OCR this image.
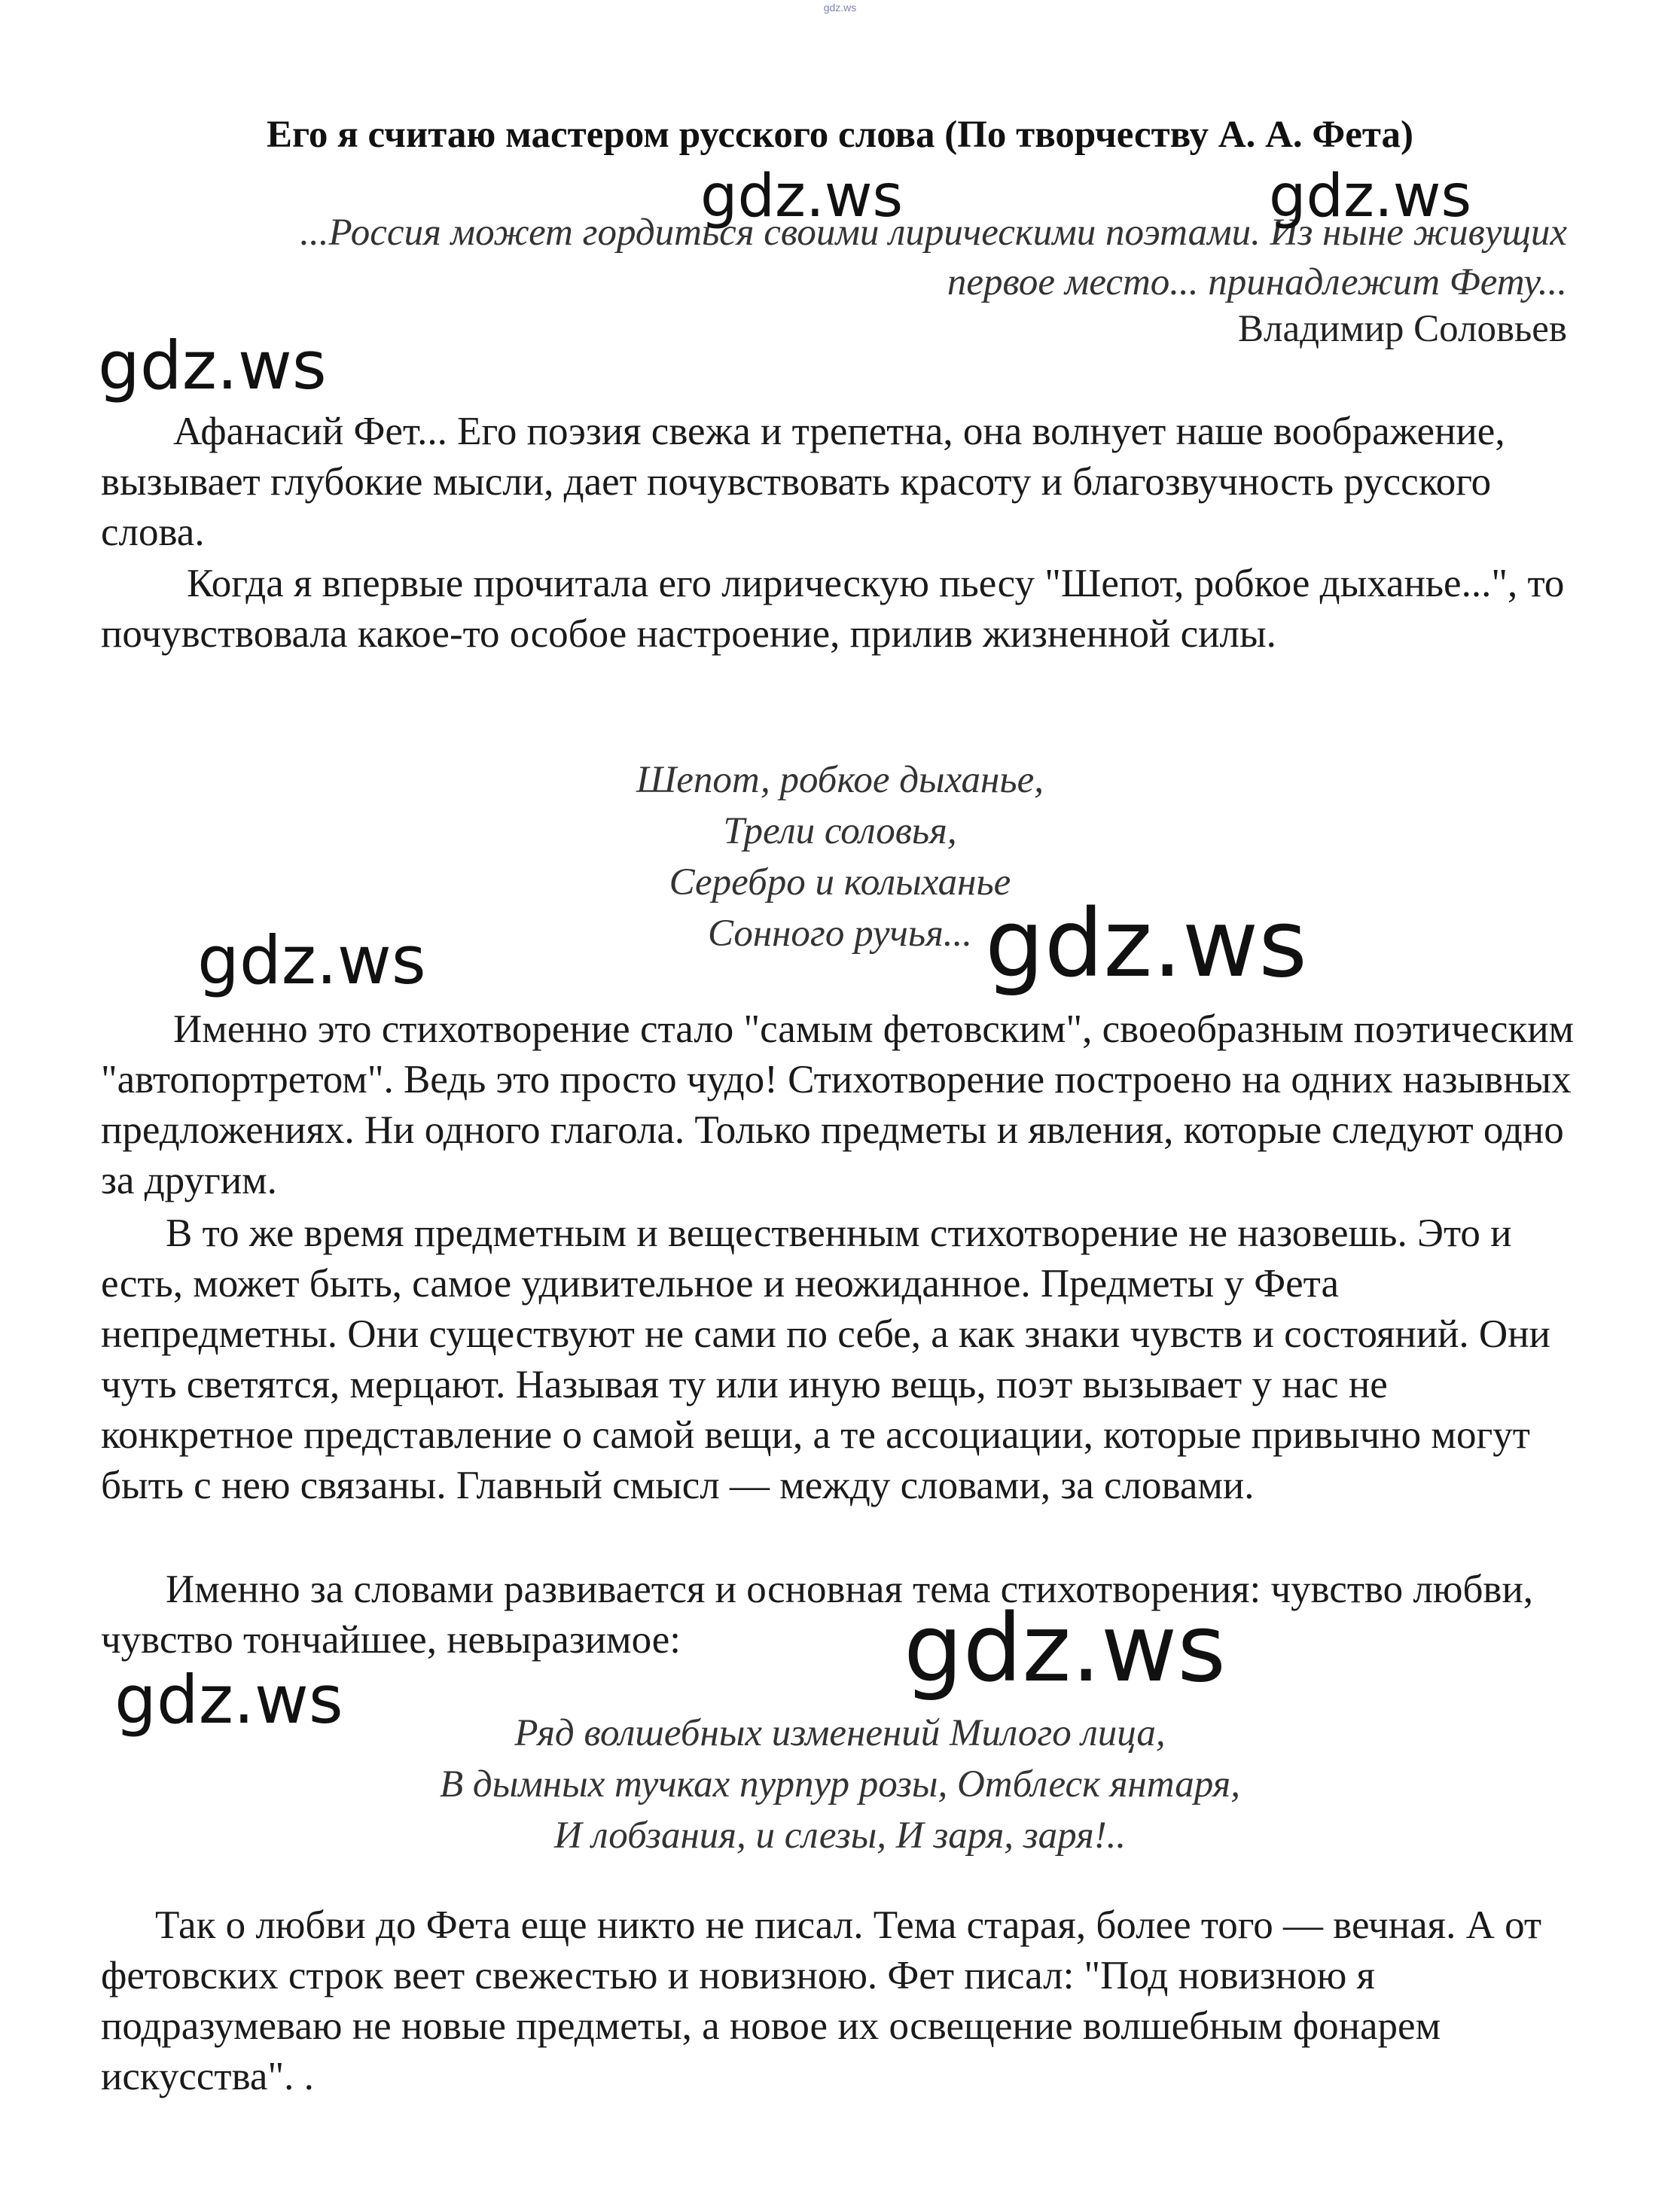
gdz.ws
Его я считаю мастером русского слова (По творчеству А. А. Фета)
...Россия может гордиться своими лирическими поэтами. Из ныне живущих
первое место... принадлежит Фету...
Владимир Соловьев

Афанасий Фет... Его поэзия свежа и трепетна, она волнует наше воображение, вызывает глубокие мысли, дает почувствовать красоту и благозвучность русского слова.

Когда я впервые прочитала его лирическую пьесу "Шепот, робкое дыханье...", то почувствовала какое-то особое настроение, прилив жизненной силы.

Шепот, робкое дыханье,
Трели соловья,
Серебро и колыханье
Сонного ручья...

Именно это стихотворение стало "самым фетовским", своеобразным поэтическим "автопортретом". Ведь это просто чудо! Стихотворение построено на одних назывных предложениях. Ни одного глагола. Только предметы и явления, которые следуют одно за другим.

В то же время предметным и вещественным стихотворение не назовешь. Это и есть, может быть, самое удивительное и неожиданное. Предметы у Фета непредметны. Они существуют не сами по себе, а как знаки чувств и состояний. Они чуть светятся, мерцают. Называя ту или иную вещь, поэт вызывает у нас не конкретное представление о самой вещи, а те ассоциации, которые привычно могут быть с нею связаны. Главный смысл — между словами, за словами.

Именно за словами развивается и основная тема стихотворения: чувство любви, чувство тончайшее, невыразимое:

Ряд волшебных изменений Милого лица,
В дымных тучках пурпур розы, Отблеск янтаря,
И лобзания, и слезы, И заря, заря!..

Так о любви до Фета еще никто не писал. Тема старая, более того — вечная. А от фетовских строк веет свежестью и новизною. Фет писал: "Под новизною я подразумеваю не новые предметы, а новое их освещение волшебным фонарем искусства". .

gdz.ws	gdz.ws
gdz.ws
gdz.ws	gdz.ws
gdz.ws
gdz.ws
